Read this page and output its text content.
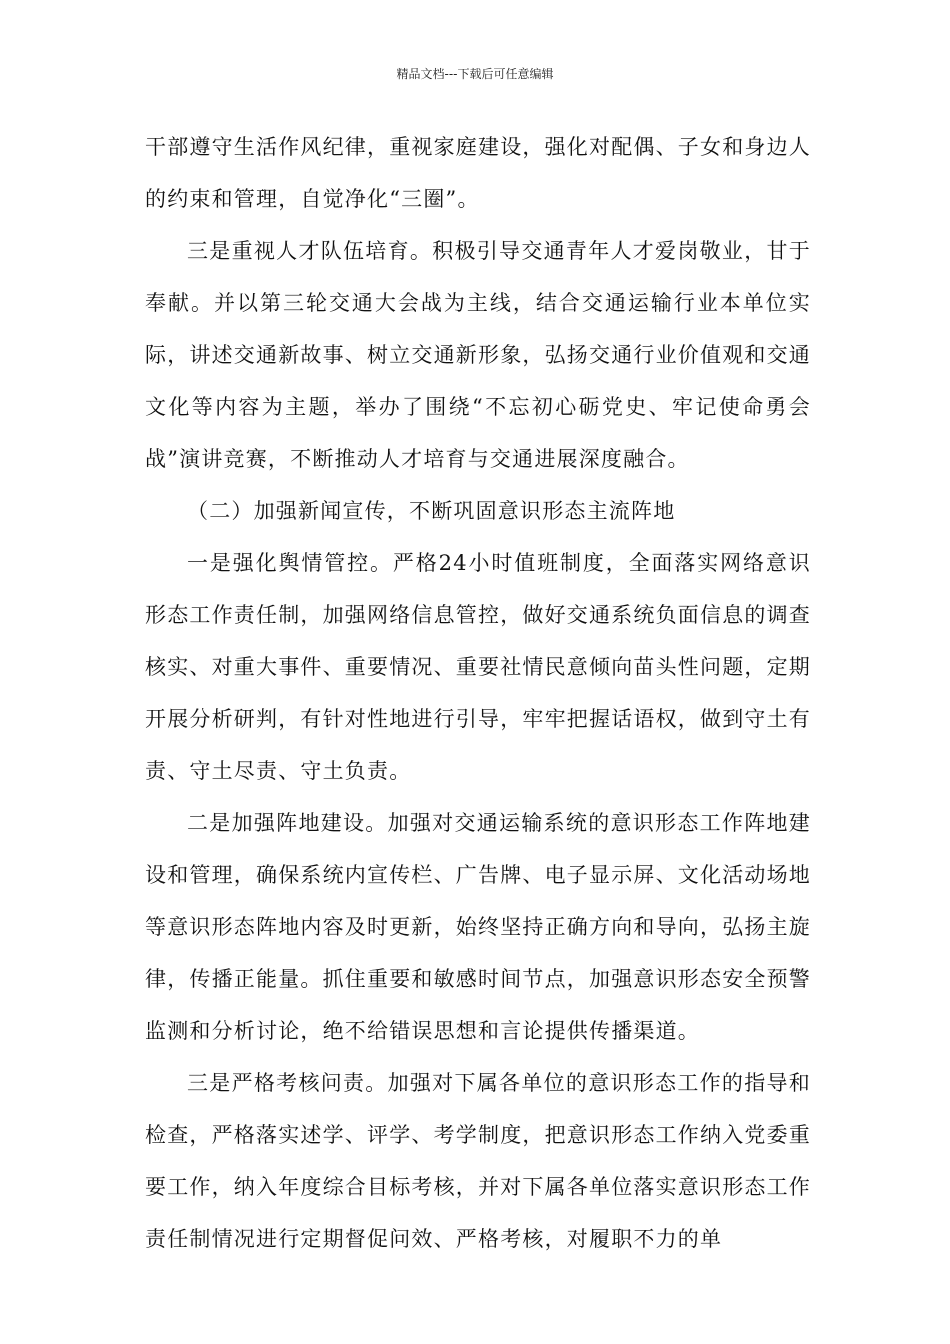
精品文档---下载后可任意编辑

干部遵守生活作风纪律，重视家庭建设，强化对配偶、子女和身边人的约束和管理，自觉净化“三圈”。

三是重视人才队伍培育。积极引导交通青年人才爱岗敬业，甘于奉献。并以第三轮交通大会战为主线，结合交通运输行业本单位实际，讲述交通新故事、树立交通新形象，弘扬交通行业价值观和交通文化等内容为主题，举办了围绕“不忘初心砺党史、牢记使命勇会战”演讲竞赛，不断推动人才培育与交通进展深度融合。

（二）加强新闻宣传，不断巩固意识形态主流阵地

一是强化舆情管控。严格24小时值班制度，全面落实网络意识形态工作责任制，加强网络信息管控，做好交通系统负面信息的调查核实、对重大事件、重要情况、重要社情民意倾向苗头性问题，定期开展分析研判，有针对性地进行引导，牢牢把握话语权，做到守土有责、守土尽责、守土负责。

二是加强阵地建设。加强对交通运输系统的意识形态工作阵地建设和管理，确保系统内宣传栏、广告牌、电子显示屏、文化活动场地等意识形态阵地内容及时更新，始终坚持正确方向和导向，弘扬主旋律，传播正能量。抓住重要和敏感时间节点，加强意识形态安全预警监测和分析讨论，绝不给错误思想和言论提供传播渠道。

三是严格考核问责。加强对下属各单位的意识形态工作的指导和检查，严格落实述学、评学、考学制度，把意识形态工作纳入党委重要工作，纳入年度综合目标考核，并对下属各单位落实意识形态工作责任制情况进行定期督促问效、严格考核，对履职不力的单
